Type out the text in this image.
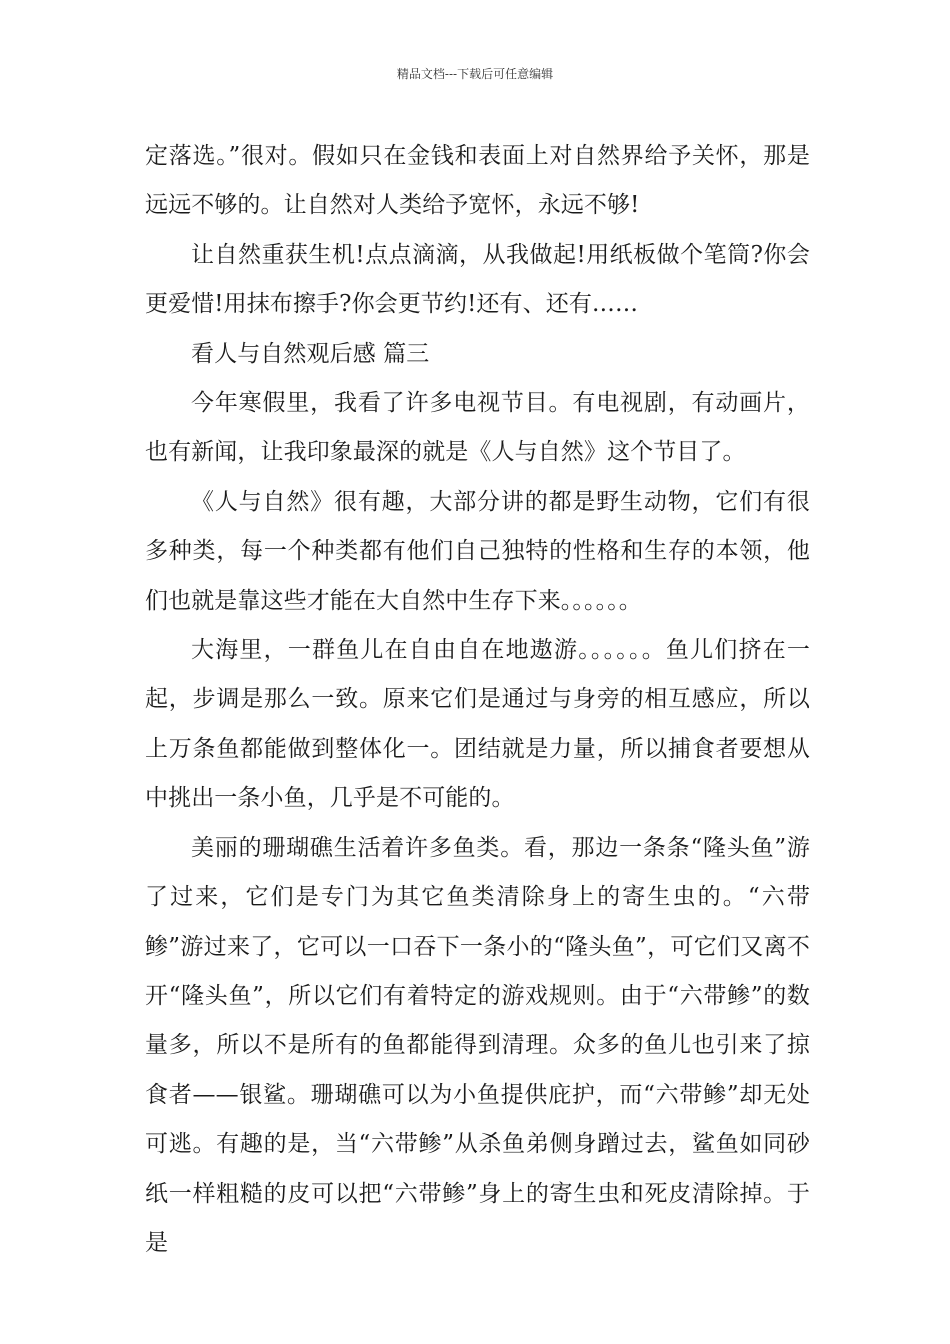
精品文档---下载后可任意编辑

定落选。”很对。假如只在金钱和表面上对自然界给予关怀，那是远远不够的。让自然对人类给予宽怀，永远不够!

让自然重获生机!点点滴滴，从我做起!用纸板做个笔筒?你会更爱惜!用抹布擦手?你会更节约!还有、还有……

看人与自然观后感 篇三

今年寒假里，我看了许多电视节目。有电视剧，有动画片，也有新闻，让我印象最深的就是《人与自然》这个节目了。

《人与自然》很有趣，大部分讲的都是野生动物，它们有很多种类，每一个种类都有他们自己独特的性格和生存的本领，他们也就是靠这些才能在大自然中生存下来。。。。。。

大海里，一群鱼儿在自由自在地遨游。。。。。。鱼儿们挤在一起，步调是那么一致。原来它们是通过与身旁的相互感应，所以上万条鱼都能做到整体化一。团结就是力量，所以捕食者要想从中挑出一条小鱼，几乎是不可能的。

美丽的珊瑚礁生活着许多鱼类。看，那边一条条“隆头鱼”游了过来，它们是专门为其它鱼类清除身上的寄生虫的。“六带鲹”游过来了，它可以一口吞下一条小的“隆头鱼”，可它们又离不开“隆头鱼”，所以它们有着特定的游戏规则。由于“六带鲹”的数量多，所以不是所有的鱼都能得到清理。众多的鱼儿也引来了掠食者——银鲨。珊瑚礁可以为小鱼提供庇护，而“六带鲹”却无处可逃。有趣的是，当“六带鲹”从杀鱼弟侧身蹭过去，鲨鱼如同砂纸一样粗糙的皮可以把“六带鲹”身上的寄生虫和死皮清除掉。于是
